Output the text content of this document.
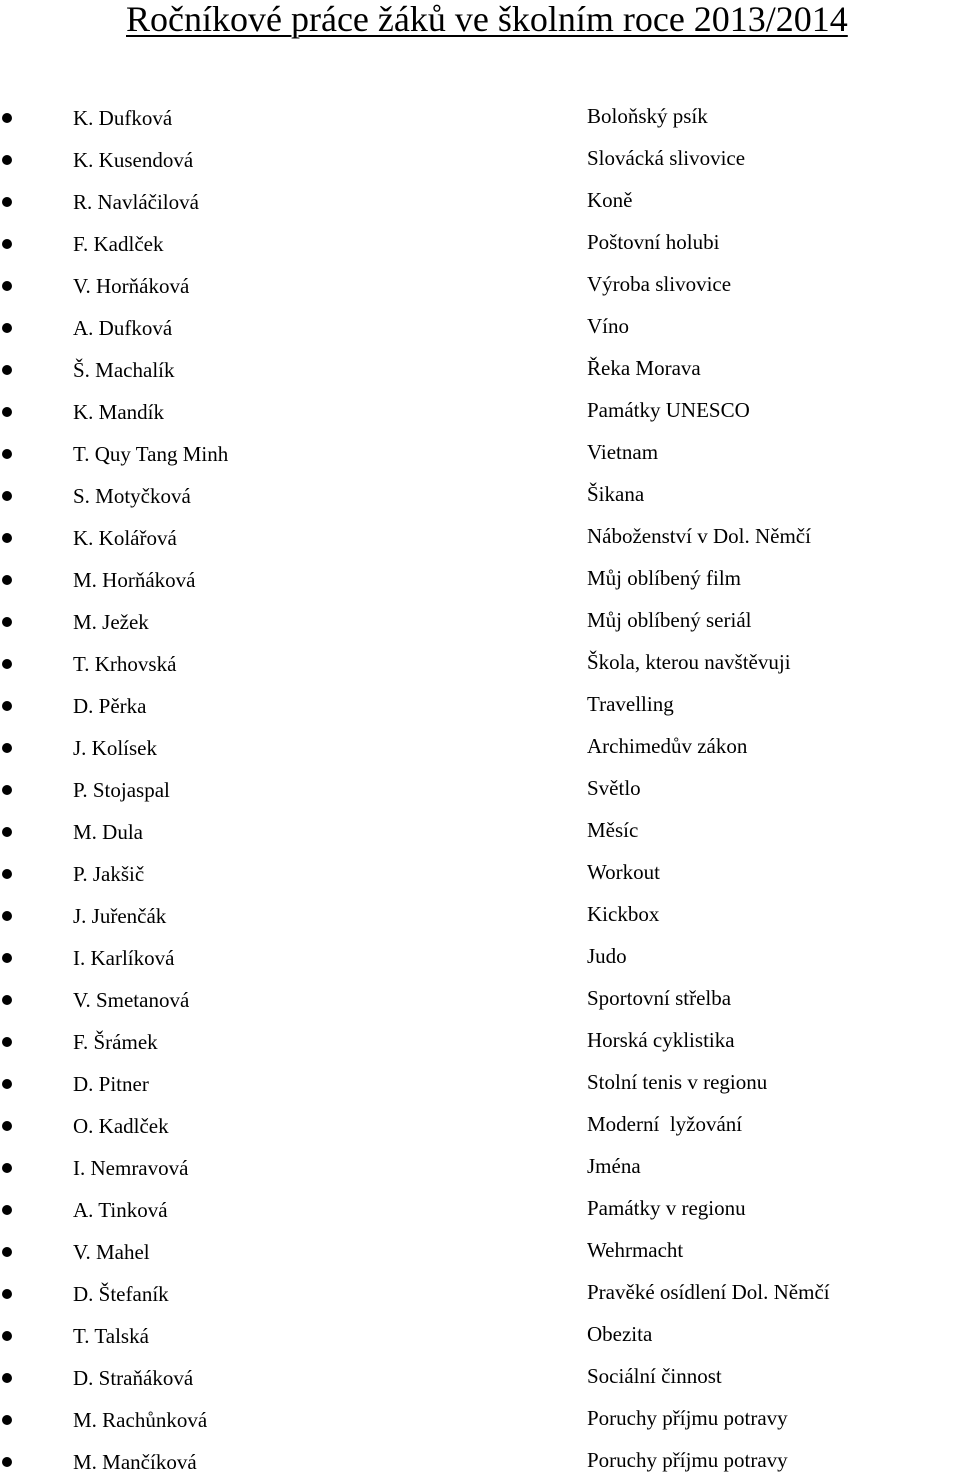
Ročníkové práce žáků ve školním roce 2013/2014
K. Dufková	Boloňský psík
K. Kusendová	Slovácká slivovice
R. Navláčilová	Koně
F. Kadlček	Poštovní holubi
V. Horňáková	Výroba slivovice
A. Dufková	Víno
Š. Machalík	Řeka Morava
K. Mandík	Památky UNESCO
T. Quy Tang Minh	Vietnam
S. Motyčková	Šikana
K. Kolářová	Náboženství v Dol. Němčí
M. Horňáková	Můj oblíbený film
M. Ježek	Můj oblíbený seriál
T. Krhovská	Škola, kterou navštěvuji
D. Pěrka	Travelling
J. Kolísek	Archimedův zákon
P. Stojaspal	Světlo
M. Dula	Měsíc
P. Jakšič	Workout
J. Juřenčák	Kickbox
I. Karlíková	Judo
V. Smetanová	Sportovní střelba
F. Šrámek	Horská cyklistika
D. Pitner	Stolní tenis v regionu
O. Kadlček	Moderní  lyžování
I. Nemravová	Jména
A. Tinková	Památky v regionu
V. Mahel	Wehrmacht
D. Štefaník	Pravěké osídlení Dol. Němčí
T. Talská	Obezita
D. Straňáková	Sociální činnost
M. Rachůnková	Poruchy příjmu potravy
M. Mančíková	Poruchy příjmu potravy
